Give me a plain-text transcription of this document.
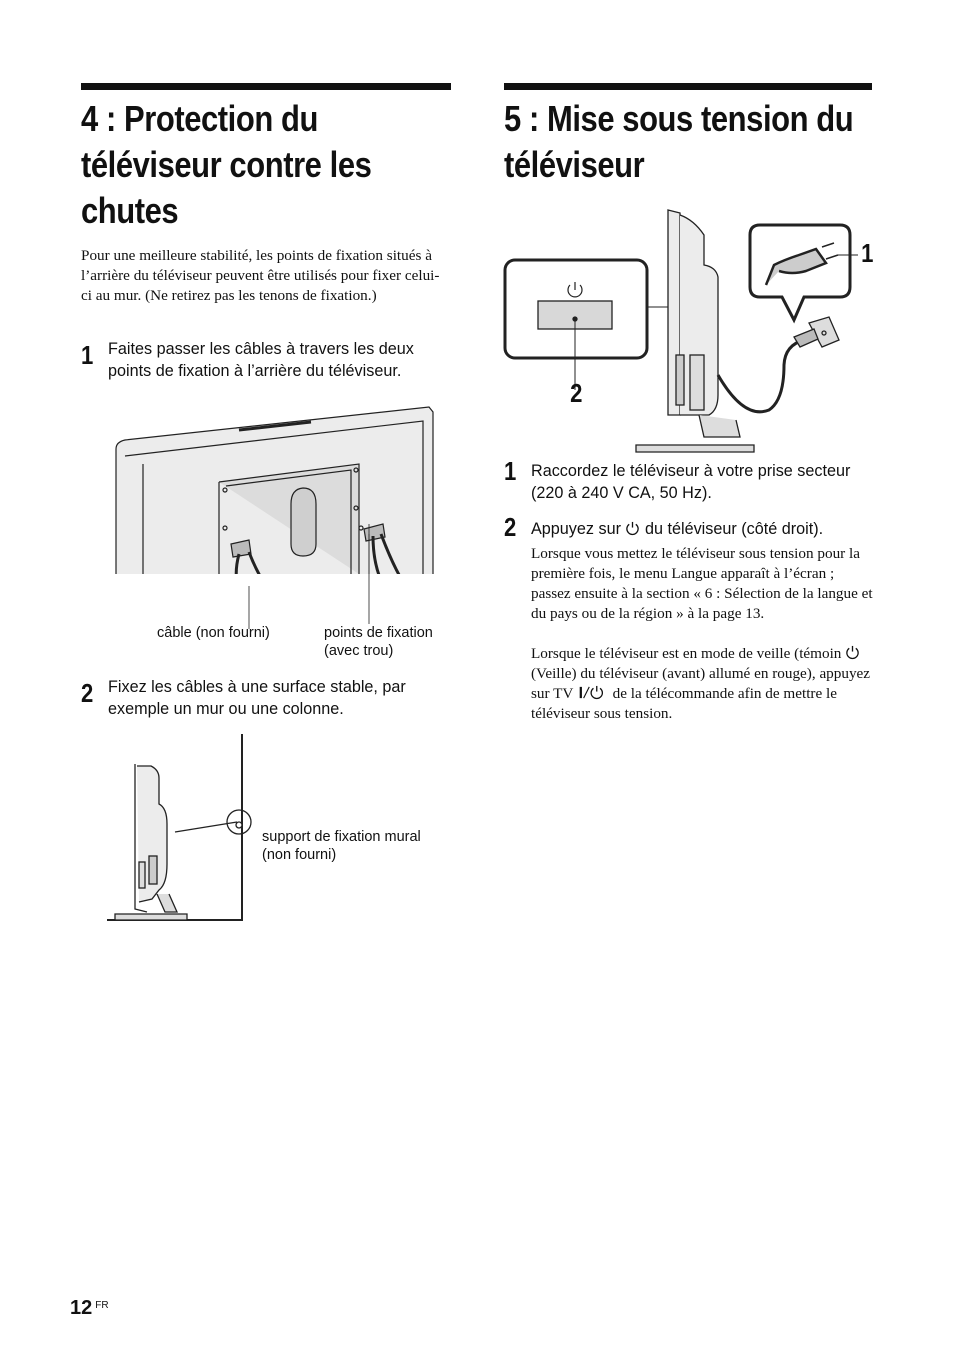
4 : Protection du
téléviseur contre les
chutes

Pour une meilleure stabilité, les points de fixation situés à l’arrière du téléviseur peuvent être utilisés pour fixer celui-ci au mur. (Ne retirez pas les tenons de fixation.)

1 Faites passer les câbles à travers les deux points de fixation à l’arrière du téléviseur.
câble (non fourni)	points de fixation
(avec trou)
2 Fixez les câbles à une surface stable, par exemple un mur ou une colonne.
support de fixation mural
(non fourni)
5 : Mise sous tension du
téléviseur
1
2
1 Raccordez le téléviseur à votre prise secteur (220 à 240 V CA, 50 Hz).
2 Appuyez sur du téléviseur (côté droit).
Lorsque vous mettez le téléviseur sous tension pour la première fois, le menu Langue apparaît à l’écran ; passez ensuite à la section « 6 : Sélection de la langue et du pays ou de la région » à la page 13.
Lorsque le téléviseur est en mode de veille (témoin  (Veille) du téléviseur (avant) allumé en rouge), appuyez sur TV	de la télécommande afin de mettre le téléviseur sous tension.
12 $^{FR}$
